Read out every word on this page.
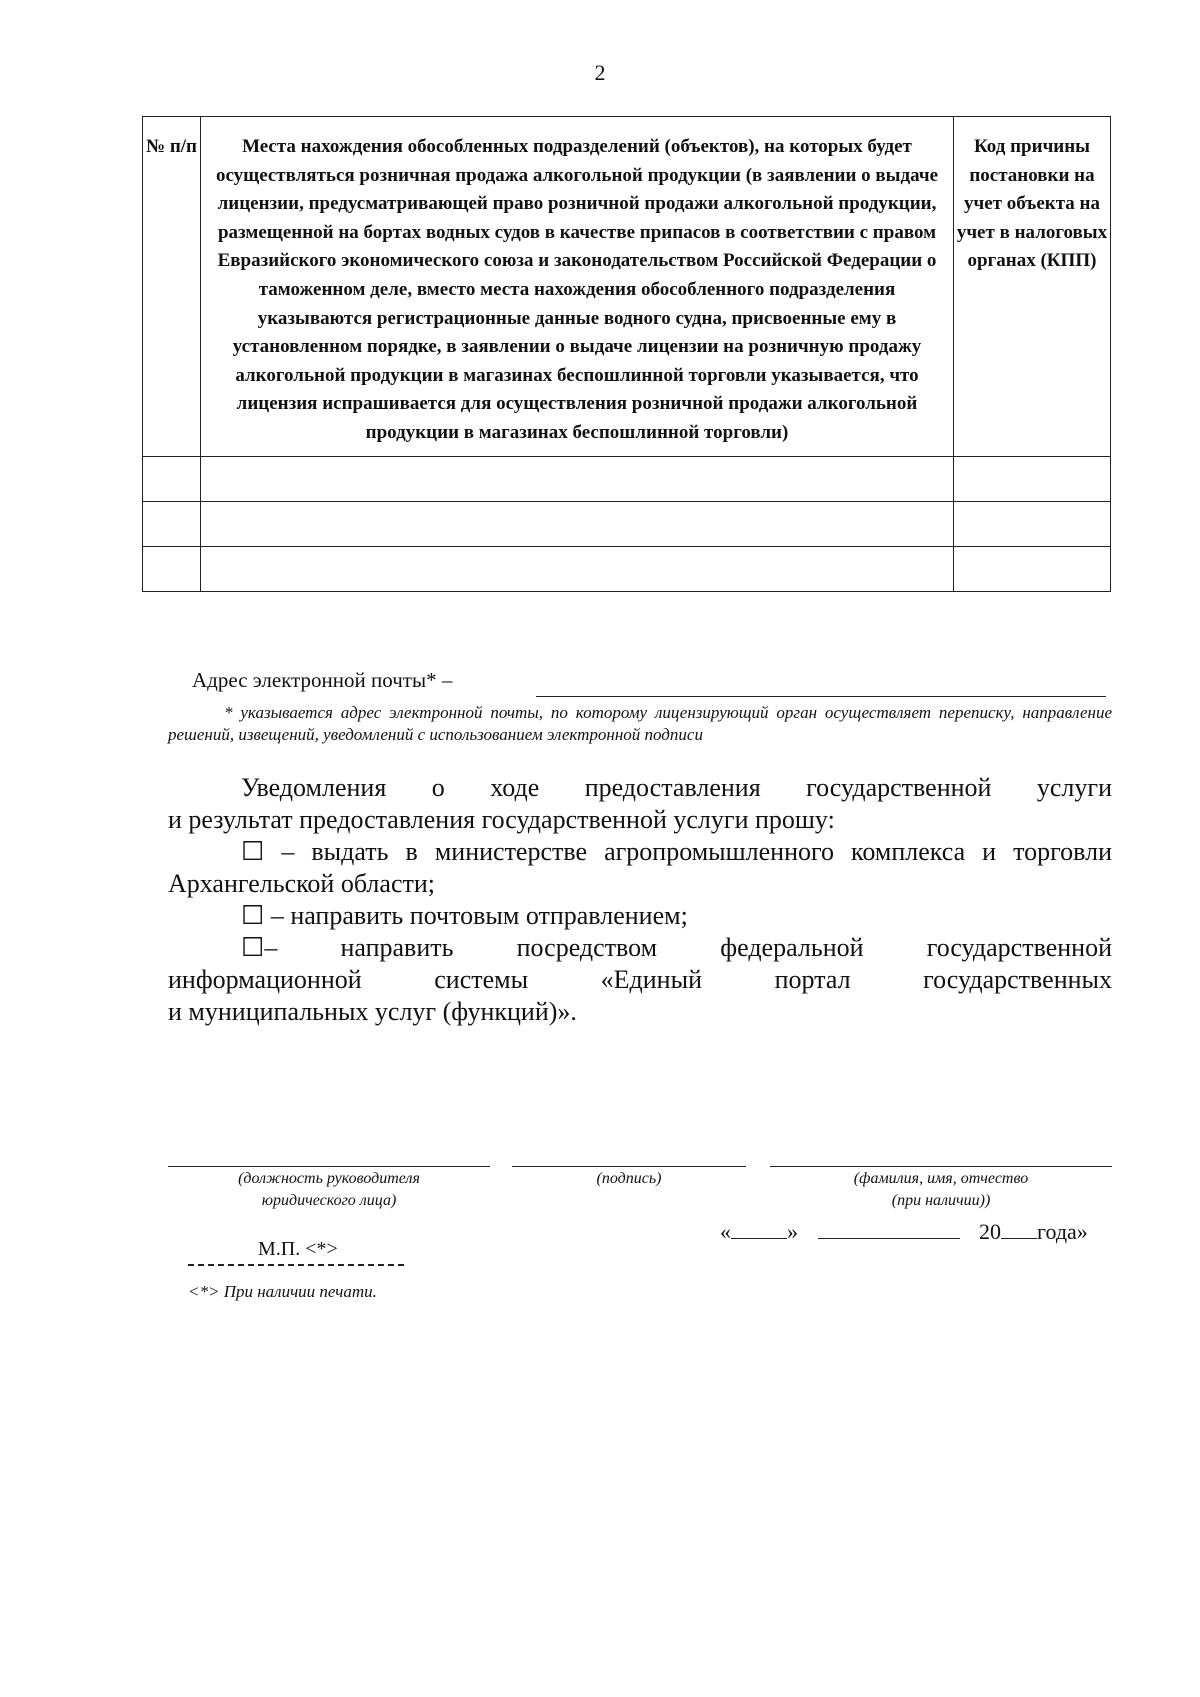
2
№ п/п	Места нахождения обособленных подразделений (объектов), на которых будет осуществляться розничная продажа алкогольной продукции (в заявлении о выдаче лицензии, предусматривающей право розничной продажи алкогольной продукции, размещенной на бортах водных судов в качестве припасов в соответствии с правом Евразийского экономического союза и законодательством Российской Федерации о таможенном деле, вместо места нахождения обособленного подразделения указываются регистрационные данные водного судна, присвоенные ему в установленном порядке, в заявлении о выдаче лицензии на розничную продажу алкогольной продукции в магазинах беспошлинной торговли указывается, что лицензия испрашивается для осуществления розничной продажи алкогольной продукции в магазинах беспошлинной торговли)	Код причины постановки на учет объекта на учет в налоговых органах (КПП)

Адрес электронной почты* –
* указывается адрес электронной почты, по которому лицензирующий орган осуществляет переписку, направление решений, извещений, уведомлений с использованием электронной подписи
Уведомления о ходе предоставления государственной услуги
и результат предоставления государственной услуги прошу:
☐ – выдать в министерстве агропромышленного комплекса и торговли
Архангельской области;
☐ – направить почтовым отправлением;
☐ – направить посредством федеральной государственной
информационной системы «Единый портал государственных
и муниципальных услуг (функций)».
(должность руководителя
юридического лица)
(подпись)	(фамилия, имя, отчество
(при наличии))
«	»	20 года»
М.П. <*>
<*> При наличии печати.
